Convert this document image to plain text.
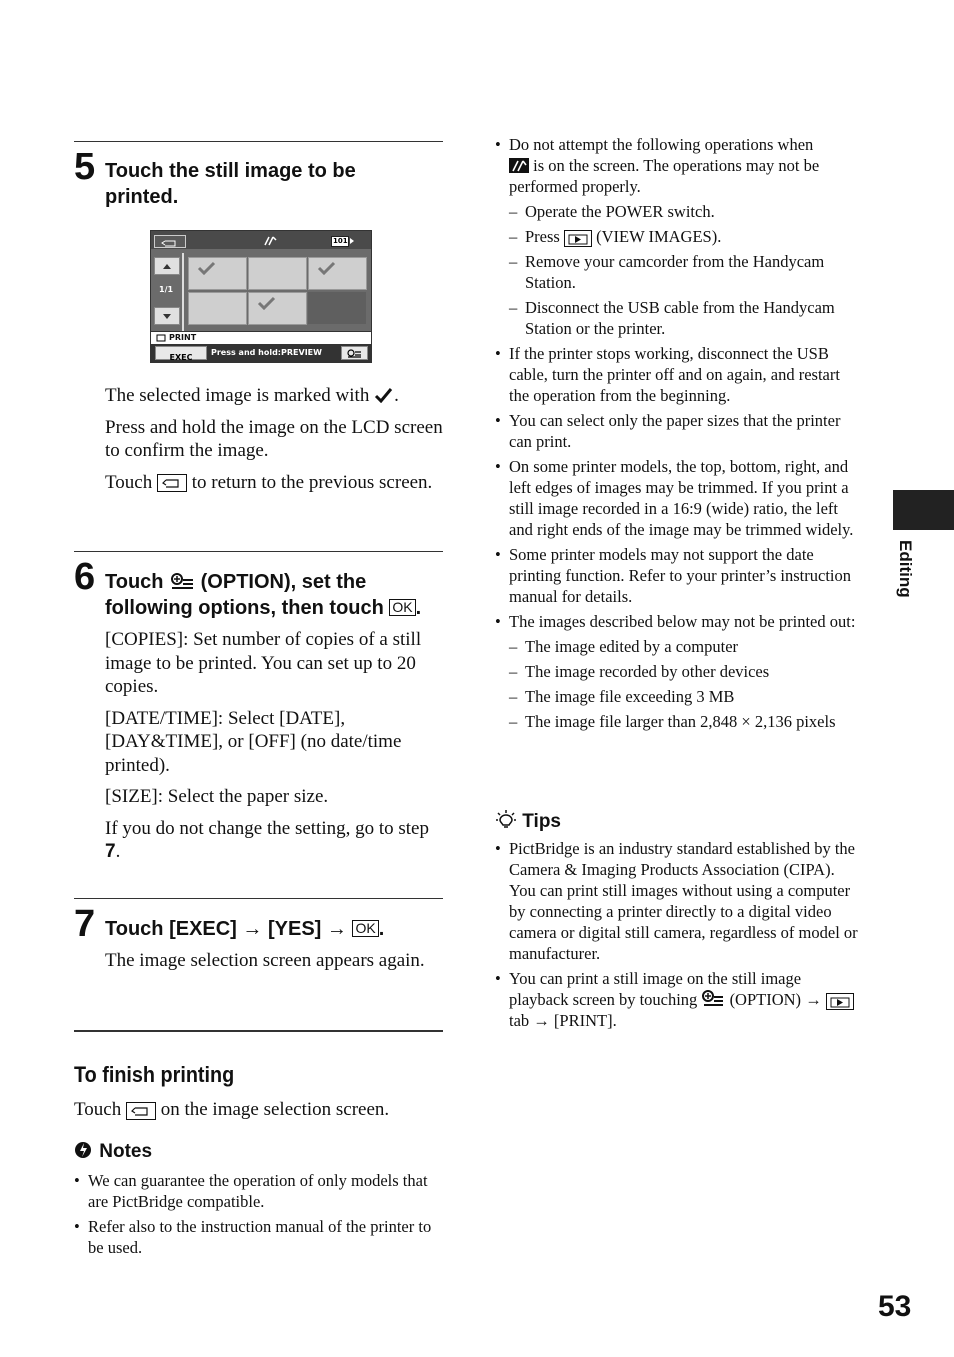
5 Touch the still image to be
printed.
101
1/1
PRINT
EXEC
Press and hold:PREVIEW
The selected image is marked with .
Press and hold the image on the LCD screen to confirm the image.
Touch to return to the previous screen.
6 Touch (OPTION), set the
following options, then touch OK .
[COPIES]: Set number of copies of a still image to be printed. You can set up to 20 copies.
[DATE/TIME]: Select [DATE], [DAY&TIME], or [OFF] (no date/time printed).
[SIZE]: Select the paper size.
If you do not change the setting, go to step 7.
7 Touch [EXEC] → [YES] → OK .
The image selection screen appears again.
To finish printing
Touch on the image selection screen.
Notes
• We can guarantee the operation of only models that are PictBridge compatible.
• Refer also to the instruction manual of the printer to be used.
• Do not attempt the following operations when
is on the screen. The operations may not be performed properly.
– Operate the POWER switch.
– Press (VIEW IMAGES).
– Remove your camcorder from the Handycam Station.
– Disconnect the USB cable from the Handycam Station or the printer.
• If the printer stops working, disconnect the USB cable, turn the printer off and on again, and restart the operation from the beginning.
• You can select only the paper sizes that the printer can print.
• On some printer models, the top, bottom, right, and left edges of images may be trimmed. If you print a still image recorded in a 16:9 (wide) ratio, the left and right ends of the image may be trimmed widely.
• Some printer models may not support the date printing function. Refer to your printer’s instruction manual for details.
• The images described below may not be printed out:
– The image edited by a computer
– The image recorded by other devices
– The image file exceeding 3 MB
– The image file larger than 2,848 × 2,136 pixels
Tips
• PictBridge is an industry standard established by the Camera & Imaging Products Association (CIPA). You can print still images without using a computer by connecting a printer directly to a digital video camera or digital still camera, regardless of model or manufacturer.
• You can print a still image on the still image playback screen by touching (OPTION) →  tab → [PRINT].
Editing
53
